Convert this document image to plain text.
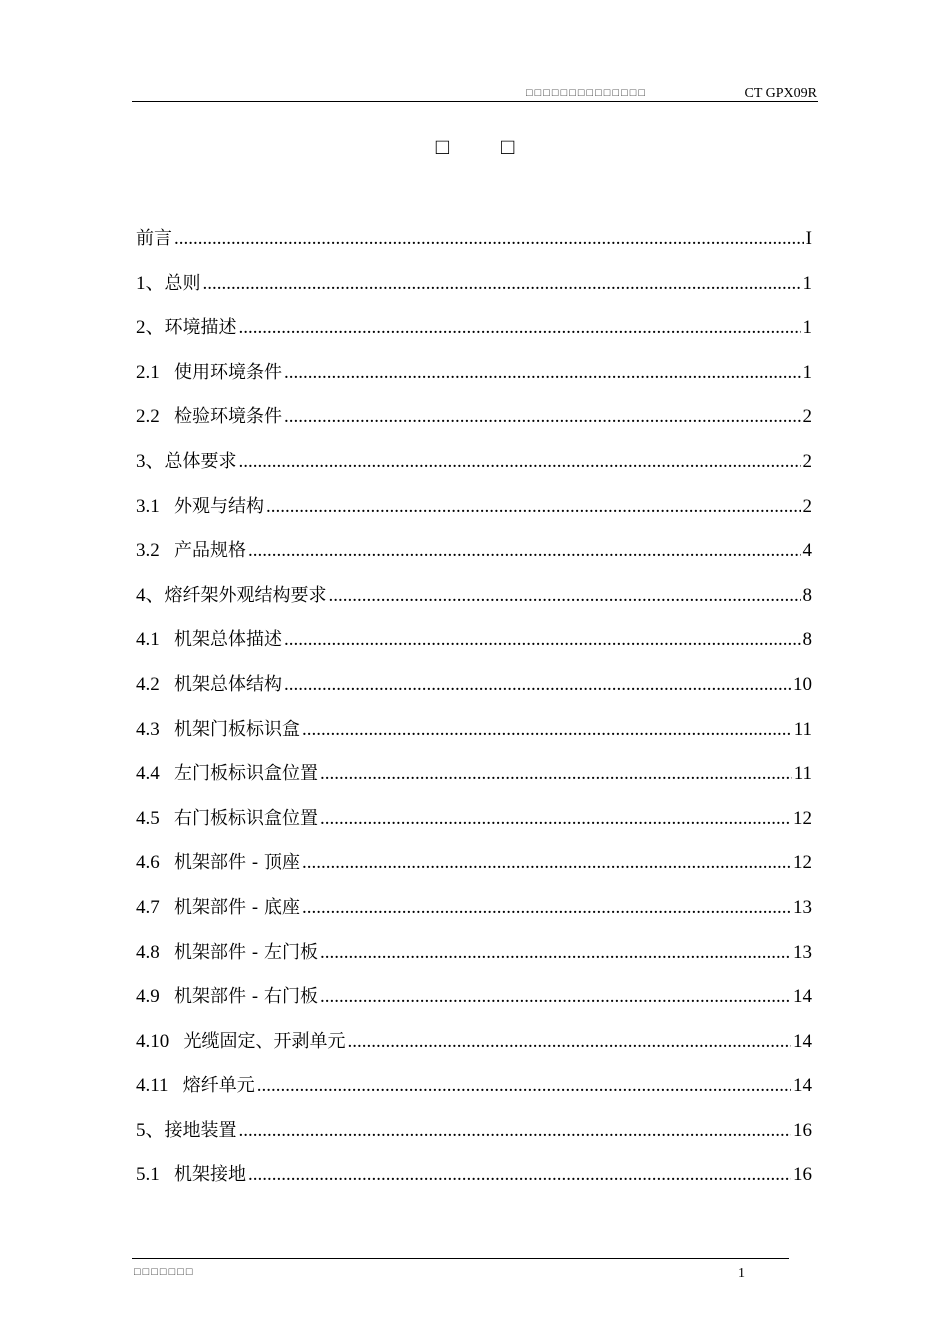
□□□□□□□□□□□□□□	CT GPX09R
□□
前言 .....	I
1、 总则 .....	1
2、 环境描述 .....	1
2.1 使用环境条件 .....	1
2.2 检验环境条件 .....	2
3、 总体要求 .....	2
3.1 外观与结构 .....	2
3.2 产品规格 .....	4
4、 熔纤架外观结构要求 .....	8
4.1 机架总体描述 .....	8
4.2 机架总体结构 .....	10
4.3 机架门板标识盒 .....	11
4.4 左门板标识盒位置 .....	11
4.5 右门板标识盒位置 .....	12
4.6 机架部件 - 顶座 .....	12
4.7 机架部件 - 底座 .....	13
4.8 机架部件 - 左门板 .....	13
4.9 机架部件 - 右门板 .....	14
4.10 光缆固定、开剥单元 .....	14
4.11 熔纤单元 .....	14
5、 接地装置 .....	16
5.1 机架接地 .....	16
□□□□□□□	1
